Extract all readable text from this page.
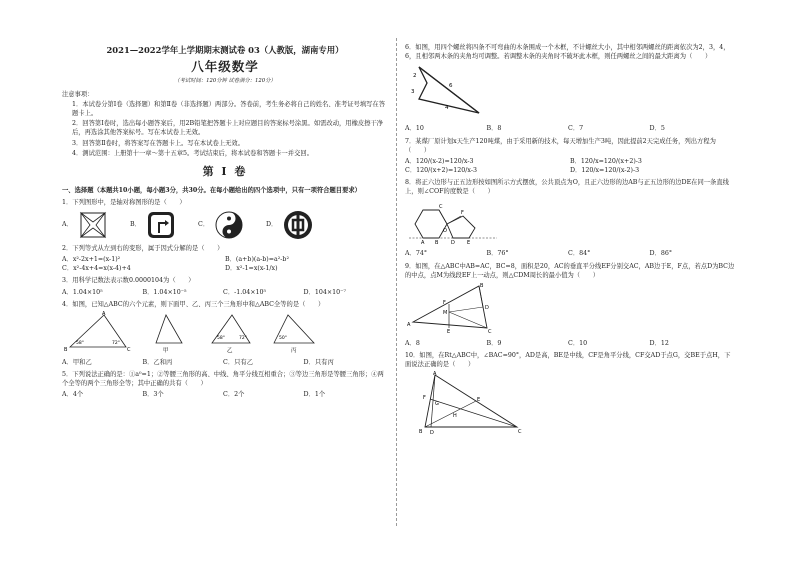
2021—2022学年上学期期末测试卷 03（人教版，湖南专用）
八年级数学
（考试时间：120分钟 试卷满分：120分）
注意事项：
1．本试卷分第Ⅰ卷（选择题）和第Ⅱ卷（非选择题）两部分。答卷前，考生务必将自己的姓名、准考证号填写在答题卡上。
2．回答第Ⅰ卷时，选出每小题答案后，用2B铅笔把答题卡上对应题目的答案标号涂黑。如需改动，用橡皮擦干净后，再选涂其他答案标号。写在本试卷上无效。
3．回答第Ⅱ卷时，将答案写在答题卡上。写在本试卷上无效。
4．测试范围：上册第十一章～第十五章5。考试结束后，将本试卷和答题卡一并交回。
第 Ⅰ 卷
一、选择题（本题共10小题，每小题3分，共30分。在每小题给出的四个选项中，只有一项符合题目要求）
1．下列图形中，是轴对称图形的是（　　）
A．	B．	C．	D．
2．下列等式从左到右的变形，属于因式分解的是（　　）
A．x²-2x+1=(x-1)²	B．(a+b)(a-b)=a²-b²
C．x²-4x+4=x(x-4)+4	D．x²-1=x(x-1/x)
3．用科学记数法表示数0.0000104为（　　）
A．1.04×10⁵	B．1.04×10⁻⁵	C．-1.04×10⁵	D．104×10⁻⁷
4．如图，已知△ABC的六个元素，则下面甲、乙、丙三个三角形中和△ABC全等的是（　　）
A
B	C
58°	72°
甲
58°	72°
乙
50°
丙
A．甲和乙	B．乙和丙	C．只有乙	D．只有丙
5．下列说法正确的是：①a⁰=1；②等腰三角形的高、中线、角平分线互相重合；③等边三角形是等腰三角形；④两个全等的两个三角形全等；其中正确的共有（　　）
A．4个	B．3个	C．2个	D．1个
6．如图，用四个螺丝将四条不可弯曲的木条围成一个木框，不计螺丝大小，其中相邻两螺丝的距离依次为2，3，4，6，且相邻两木条的夹角均可调整。若调整木条的夹角时不破坏此木框，则任两螺丝之间的最大距离为（　　）
2
3
4
6
A．10	B．8	C．7	D．5
7．某煤厂原计划x天生产120吨煤，由于采用新的技术，每天增加生产3吨，因此提前2天完成任务，列出方程为（　　）
A．120/(x-2)=120/x-3	B．120/x=120/(x+2)-3
C．120/(x+2)=120/x-3	D．120/x=120/(x-2)-3
8．将正六边形与正五边形按如图所示方式摆放，公共顶点为O，且正六边形的边AB与正五边形的边DE在同一条直线上，则∠COF的度数是（　　）
A B
C
O
D E
F
A．74°	B．76°	C．84°	D．86°
9．如图，在△ABC中AB=AC，BC=8，面积是20，AC的垂直平分线EF分别交AC，AB边于E，F点，若点D为BC边的中点，点M为线段EF上一动点，则△CDM周长的最小值为（　　）
A
B
C
E
F
M
D
A．8	B．9	C．10	D．12
10．如图，在Rt△ABC中，∠BAC=90°，AD是高，BE是中线，CF是角平分线，CF交AD于点G，交BE于点H，下面说法正确的是（　　）
A
B	C
D
E
F
G
H
